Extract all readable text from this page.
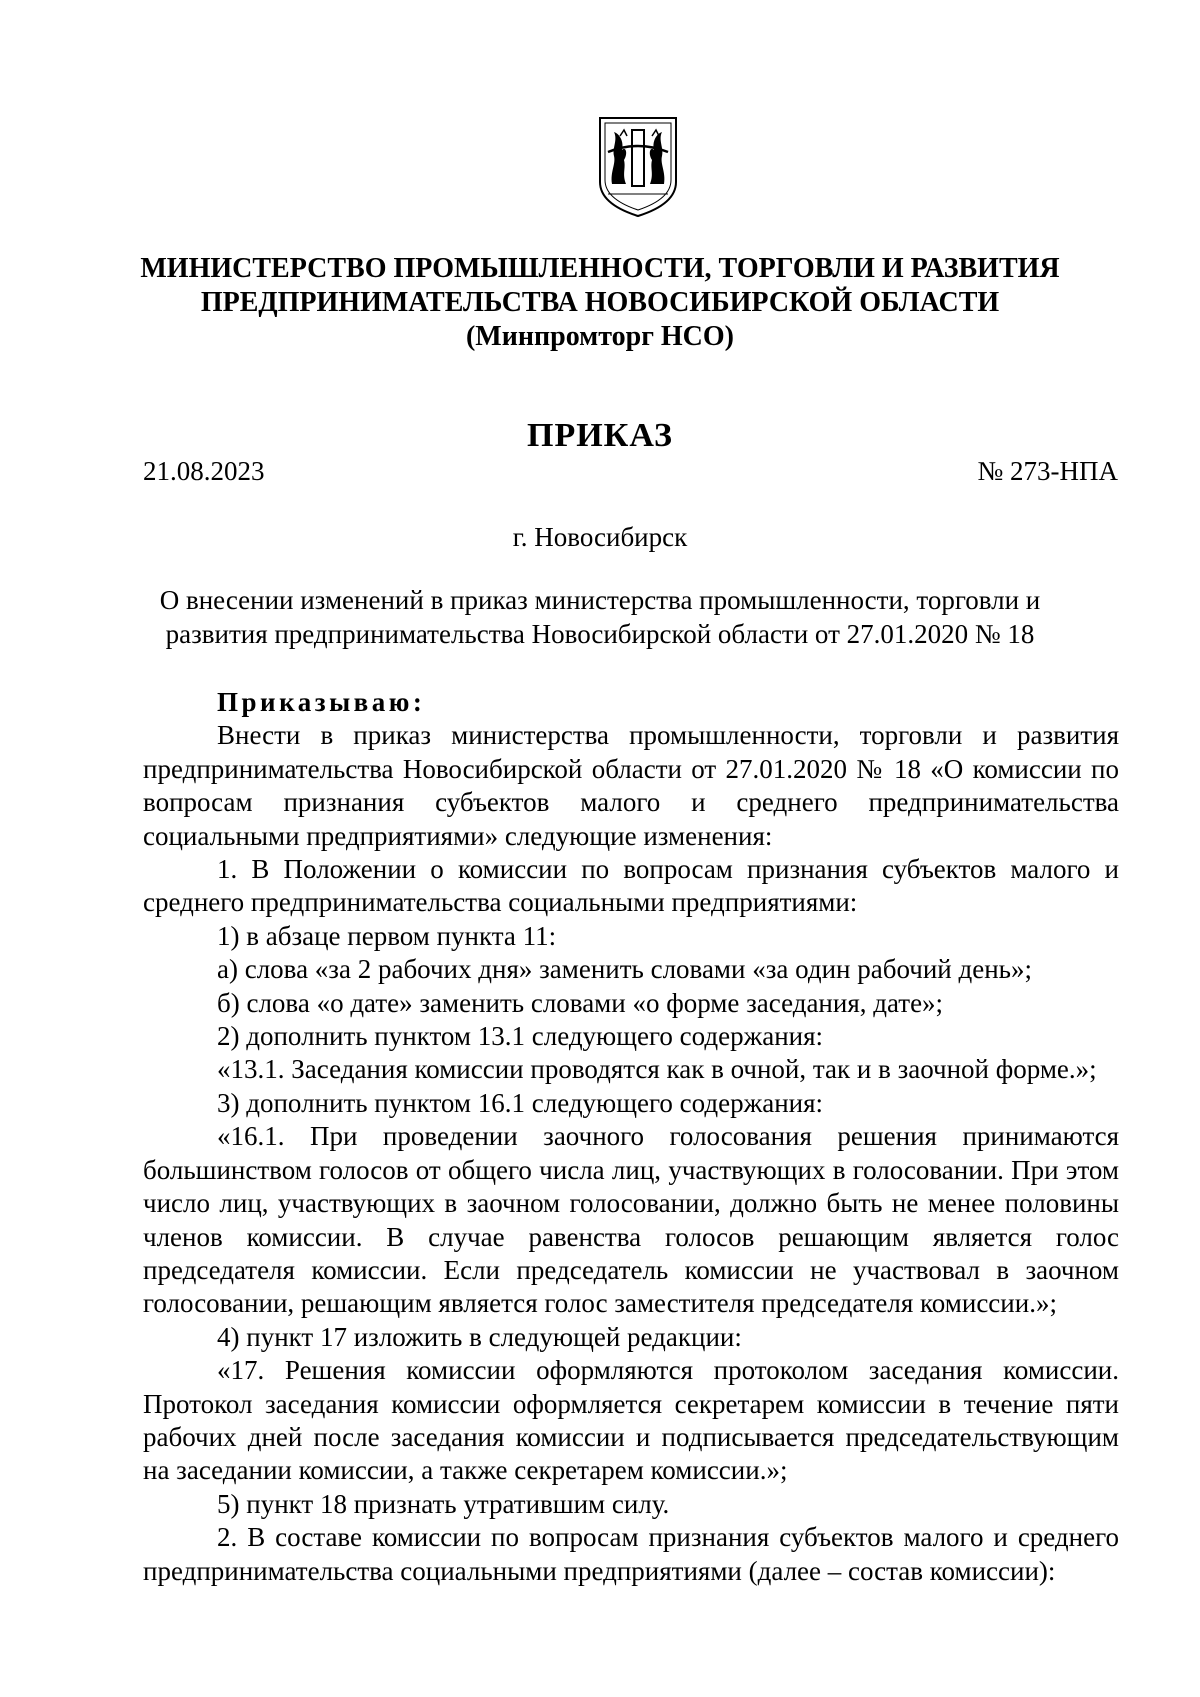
МИНИСТЕРСТВО ПРОМЫШЛЕННОСТИ, ТОРГОВЛИ И РАЗВИТИЯ
ПРЕДПРИНИМАТЕЛЬСТВА НОВОСИБИРСКОЙ ОБЛАСТИ
(Минпромторг НСО)
ПРИКАЗ
21.08.2023	№ 273-НПА
г. Новосибирск
О внесении изменений в приказ министерства промышленности, торговли и
развития предпринимательства Новосибирской области от 27.01.2020 № 18

Приказываю:

Внести в приказ министерства промышленности, торговли и развития предпринимательства Новосибирской области от 27.01.2020 № 18 «О комиссии по вопросам признания субъектов малого и среднего предпринимательства социальными предприятиями» следующие изменения:

1. В Положении о комиссии по вопросам признания субъектов малого и среднего предпринимательства социальными предприятиями:

1) в абзаце первом пункта 11:

а) слова «за 2 рабочих дня» заменить словами «за один рабочий день»;

б) слова «о дате» заменить словами «о форме заседания, дате»;

2) дополнить пунктом 13.1 следующего содержания:

«13.1. Заседания комиссии проводятся как в очной, так и в заочной форме.»;

3) дополнить пунктом 16.1 следующего содержания:

«16.1. При проведении заочного голосования решения принимаются большинством голосов от общего числа лиц, участвующих в голосовании. При этом число лиц, участвующих в заочном голосовании, должно быть не менее половины членов комиссии. В случае равенства голосов решающим является голос председателя комиссии. Если председатель комиссии не участвовал в заочном голосовании, решающим является голос заместителя председателя комиссии.»;

4) пункт 17 изложить в следующей редакции:

«17. Решения комиссии оформляются протоколом заседания комиссии. Протокол заседания комиссии оформляется секретарем комиссии в течение пяти рабочих дней после заседания комиссии и подписывается председательствующим на заседании комиссии, а также секретарем комиссии.»;

5) пункт 18 признать утратившим силу.

2. В составе комиссии по вопросам признания субъектов малого и среднего предпринимательства социальными предприятиями (далее – состав комиссии):
